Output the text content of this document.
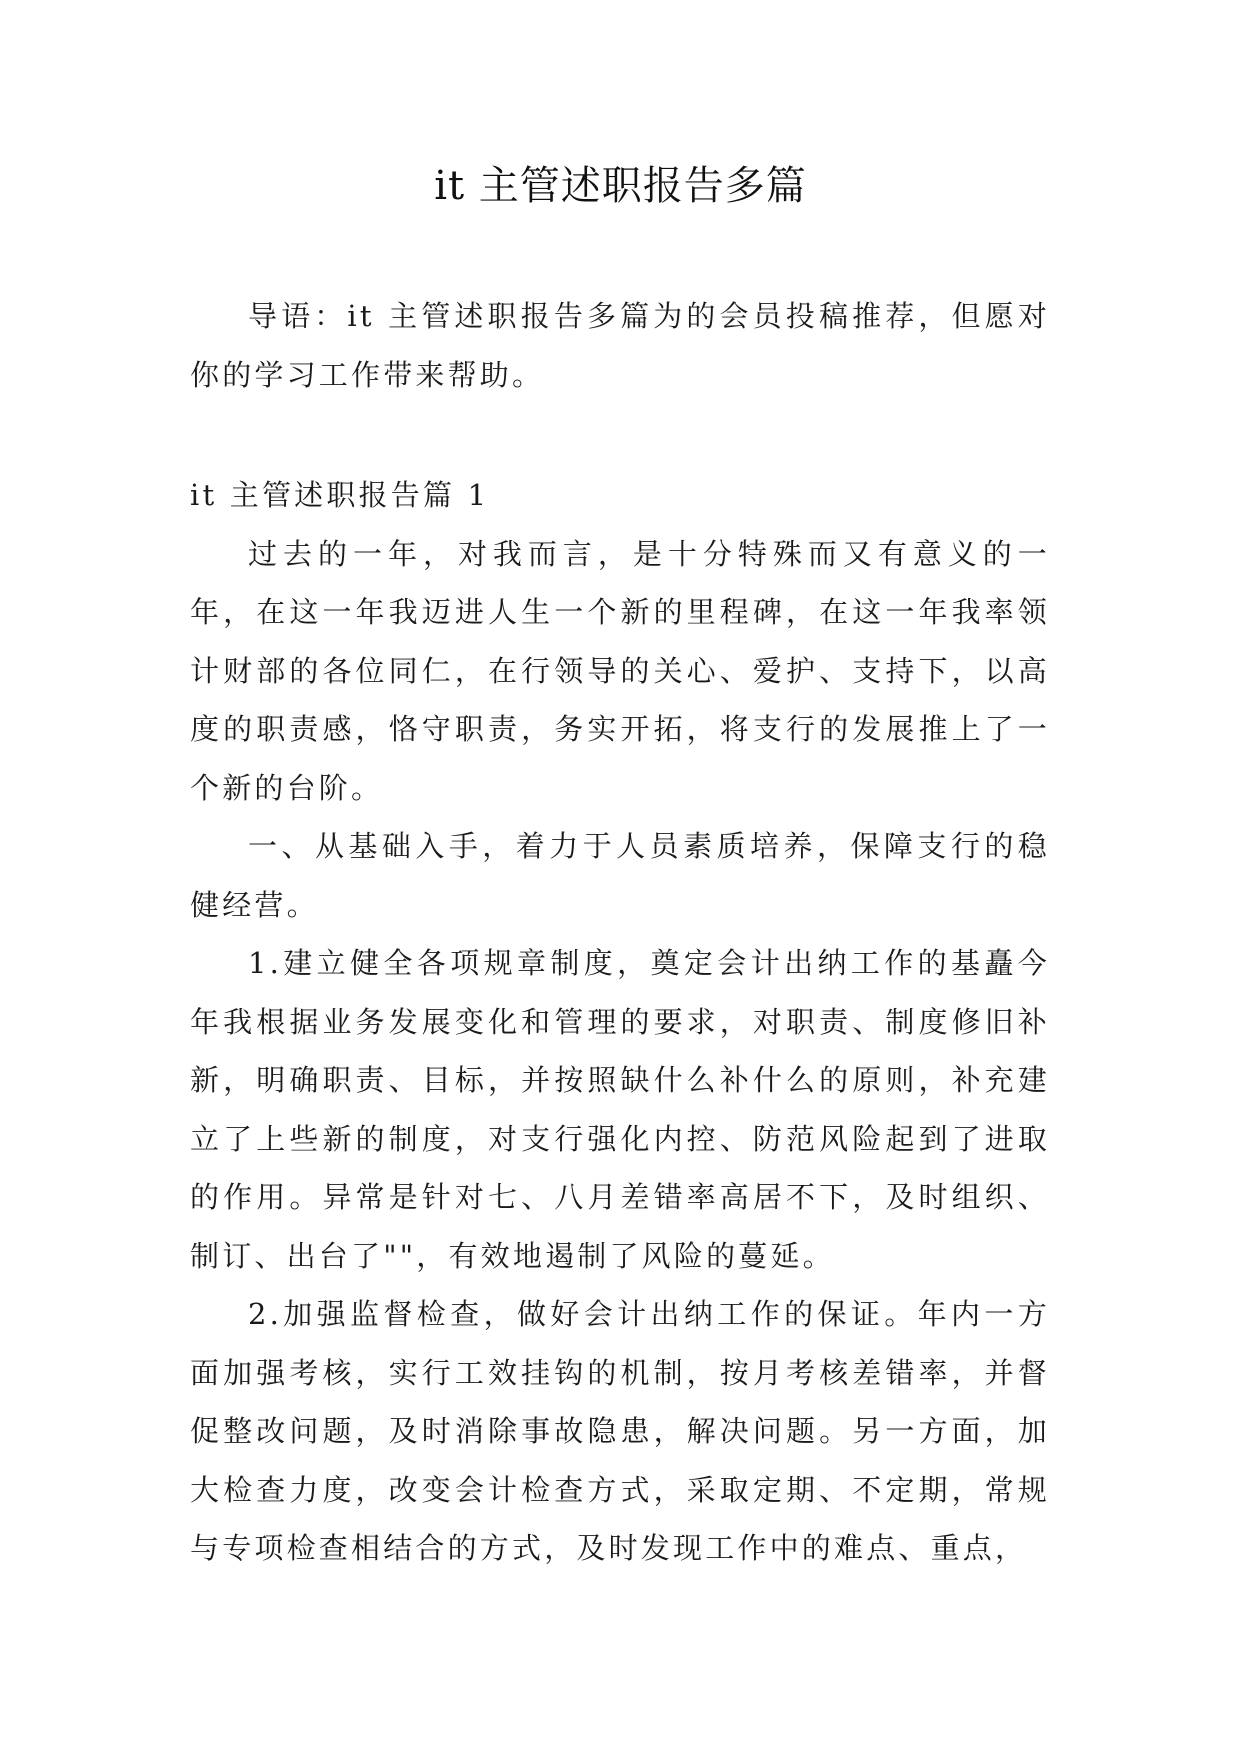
it 主管述职报告多篇

导语：it 主管述职报告多篇为的会员投稿推荐，但愿对你的学习工作带来帮助。

it 主管述职报告篇 1

过去的一年，对我而言，是十分特殊而又有意义的一年，在这一年我迈进人生一个新的里程碑，在这一年我率领计财部的各位同仁，在行领导的关心、爱护、支持下，以高度的职责感，恪守职责，务实开拓，将支行的发展推上了一个新的台阶。

一、从基础入手，着力于人员素质培养，保障支行的稳健经营。

1.建立健全各项规章制度，奠定会计出纳工作的基矗今年我根据业务发展变化和管理的要求，对职责、制度修旧补新，明确职责、目标，并按照缺什么补什么的原则，补充建立了上些新的制度，对支行强化内控、防范风险起到了进取的作用。异常是针对七、八月差错率高居不下，及时组织、制订、出台了""，有效地遏制了风险的蔓延。

2.加强监督检查，做好会计出纳工作的保证。年内一方面加强考核，实行工效挂钩的机制，按月考核差错率，并督促整改问题，及时消除事故隐患，解决问题。另一方面，加大检查力度，改变会计检查方式，采取定期、不定期，常规与专项检查相结合的方式，及时发现工作中的难点、重点，
